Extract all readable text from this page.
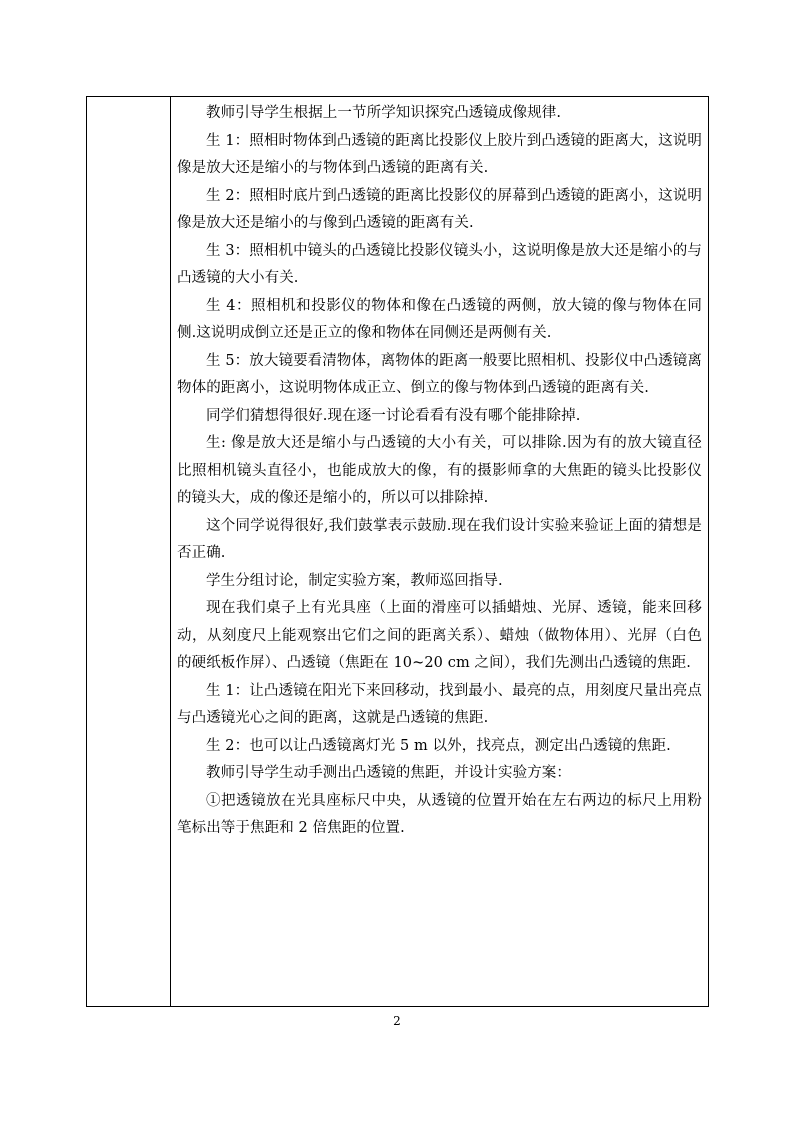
教师引导学生根据上一节所学知识探究凸透镜成像规律.

生 1：照相时物体到凸透镜的距离比投影仪上胶片到凸透镜的距离大，这说明像是放大还是缩小的与物体到凸透镜的距离有关.

生 2：照相时底片到凸透镜的距离比投影仪的屏幕到凸透镜的距离小，这说明像是放大还是缩小的与像到凸透镜的距离有关.

生 3：照相机中镜头的凸透镜比投影仪镜头小，这说明像是放大还是缩小的与凸透镜的大小有关.

生 4：照相机和投影仪的物体和像在凸透镜的两侧，放大镜的像与物体在同侧.这说明成倒立还是正立的像和物体在同侧还是两侧有关.

生 5：放大镜要看清物体，离物体的距离一般要比照相机、投影仪中凸透镜离物体的距离小，这说明物体成正立、倒立的像与物体到凸透镜的距离有关.

同学们猜想得很好.现在逐一讨论看看有没有哪个能排除掉.

生: 像是放大还是缩小与凸透镜的大小有关，可以排除.因为有的放大镜直径比照相机镜头直径小，也能成放大的像，有的摄影师拿的大焦距的镜头比投影仪的镜头大，成的像还是缩小的，所以可以排除掉.

这个同学说得很好,我们鼓掌表示鼓励.现在我们设计实验来验证上面的猜想是否正确.

学生分组讨论，制定实验方案，教师巡回指导.

现在我们桌子上有光具座（上面的滑座可以插蜡烛、光屏、透镜，能来回移动，从刻度尺上能观察出它们之间的距离关系）、蜡烛（做物体用）、光屏（白色的硬纸板作屏）、凸透镜（焦距在 10~20 cm 之间），我们先测出凸透镜的焦距.

生 1：让凸透镜在阳光下来回移动，找到最小、最亮的点，用刻度尺量出亮点与凸透镜光心之间的距离，这就是凸透镜的焦距.

生 2：也可以让凸透镜离灯光 5 m 以外，找亮点，测定出凸透镜的焦距.

教师引导学生动手测出凸透镜的焦距，并设计实验方案：

①把透镜放在光具座标尺中央，从透镜的位置开始在左右两边的标尺上用粉笔标出等于焦距和 2 倍焦距的位置.

2
